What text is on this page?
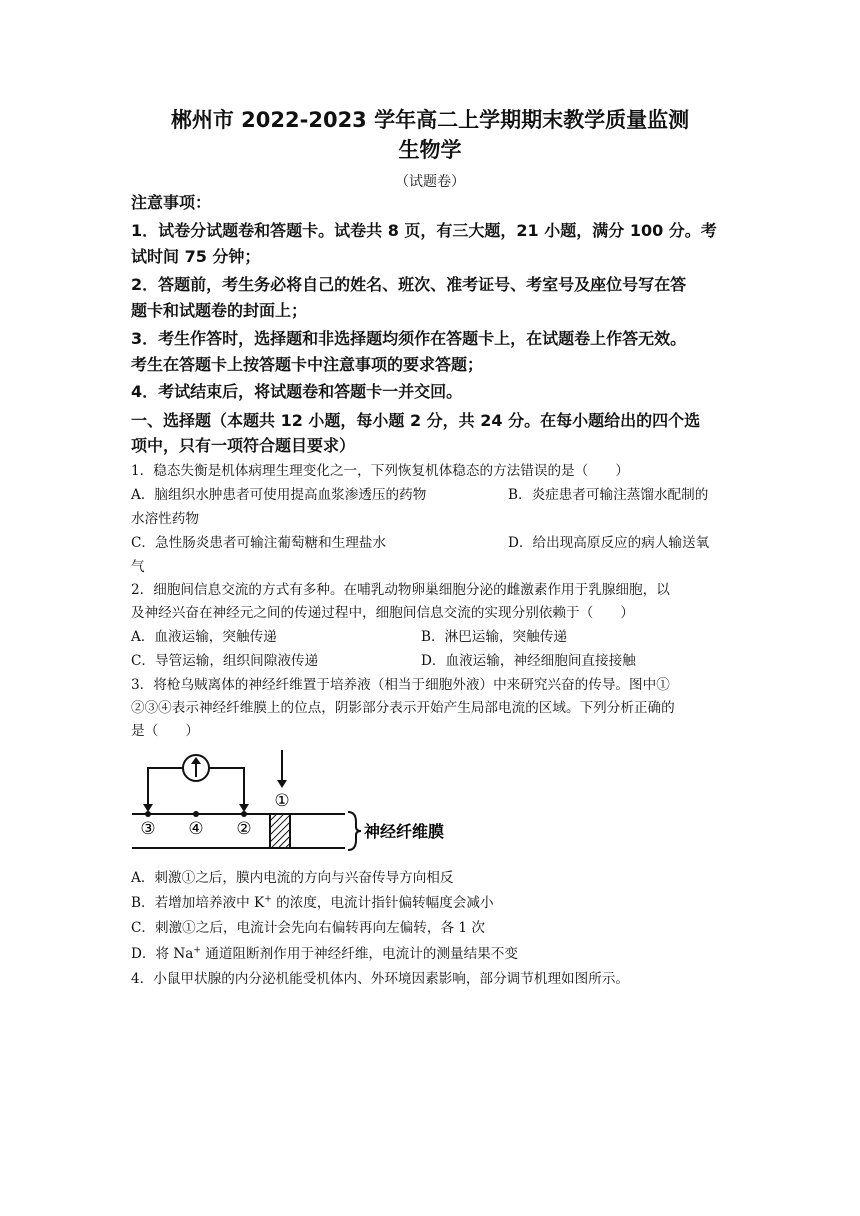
郴州市 2022-2023 学年高二上学期期末教学质量监测
生物学
（试题卷）
注意事项：
1．试卷分试题卷和答题卡。试卷共 8 页，有三大题，21 小题，满分 100 分。考
试时间 75 分钟；
2．答题前，考生务必将自己的姓名、班次、准考证号、考室号及座位号写在答
题卡和试题卷的封面上；
3．考生作答时，选择题和非选择题均须作在答题卡上，在试题卷上作答无效。
考生在答题卡上按答题卡中注意事项的要求答题；
4．考试结束后，将试题卷和答题卡一并交回。
一、选择题（本题共 12 小题，每小题 2 分，共 24 分。在每小题给出的四个选
项中，只有一项符合题目要求）
1．稳态失衡是机体病理生理变化之一，下列恢复机体稳态的方法错误的是（　　）
A．脑组织水肿患者可使用提高血浆渗透压的药物	B．炎症患者可输注蒸馏水配制的
水溶性药物
C．急性肠炎患者可输注葡萄糖和生理盐水	D．给出现高原反应的病人输送氧
气
2．细胞间信息交流的方式有多种。在哺乳动物卵巢细胞分泌的雌激素作用于乳腺细胞，以
及神经兴奋在神经元之间的传递过程中，细胞间信息交流的实现分别依赖于（　　）
A．血液运输，突触传递	B．淋巴运输，突触传递
C．导管运输，组织间隙液传递	D．血液运输，神经细胞间直接接触
3．将枪乌贼离体的神经纤维置于培养液（相当于细胞外液）中来研究兴奋的传导。图中①
②③④表示神经纤维膜上的位点，阴影部分表示开始产生局部电流的区域。下列分析正确的
是（　　）
①
③ ④ ②	神经纤维膜
A．刺激①之后，膜内电流的方向与兴奋传导方向相反
B．若增加培养液中 K+ 的浓度，电流计指针偏转幅度会减小
C．刺激①之后，电流计会先向右偏转再向左偏转，各 1 次
D．将 Na+ 通道阻断剂作用于神经纤维，电流计的测量结果不变
4．小鼠甲状腺的内分泌机能受机体内、外环境因素影响，部分调节机理如图所示。
